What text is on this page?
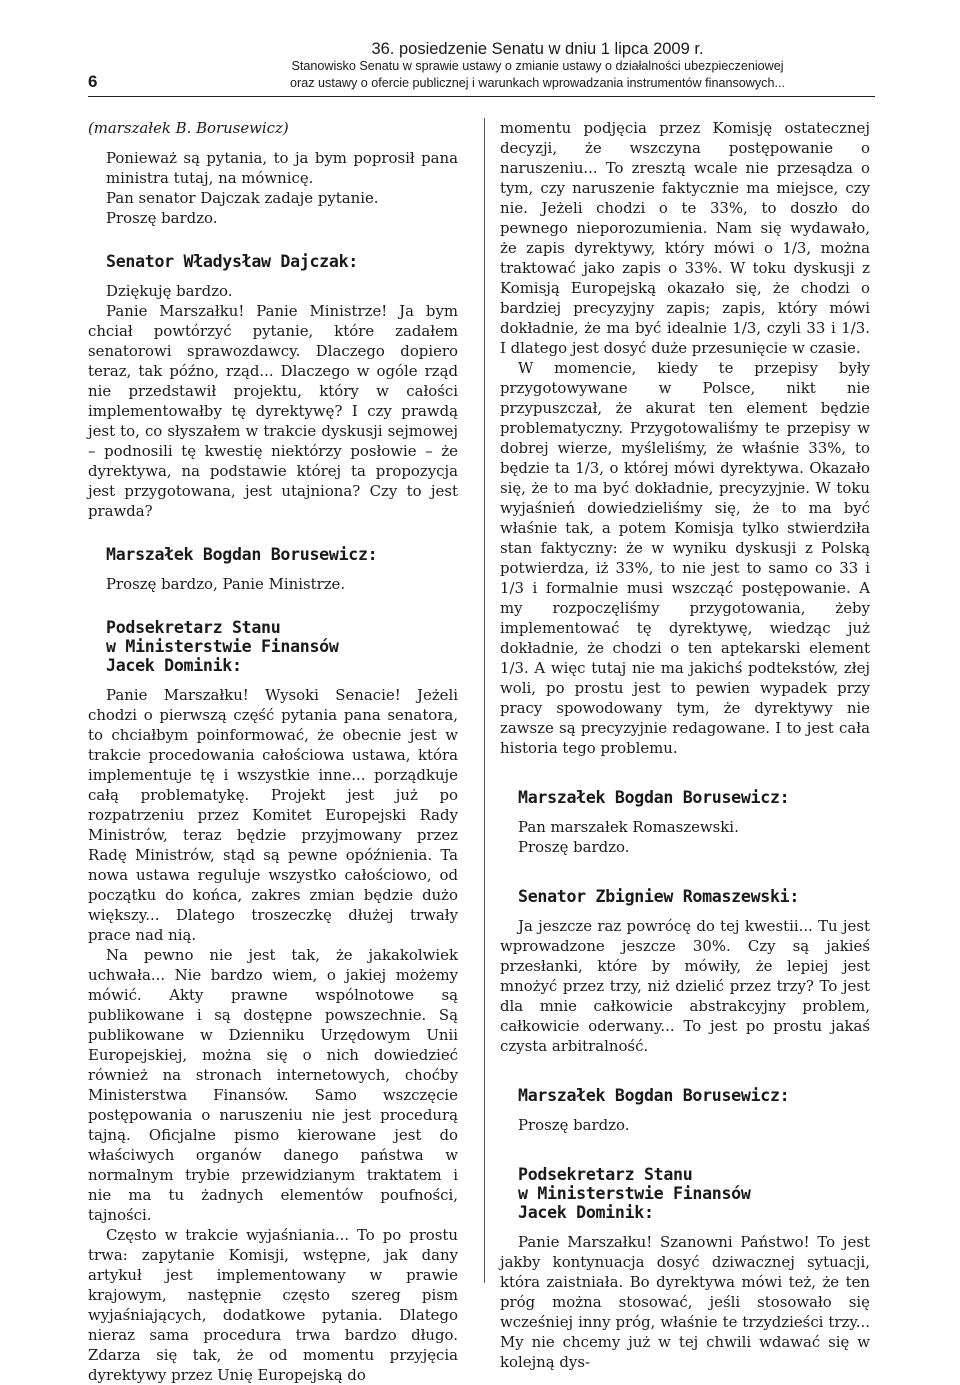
6
36. posiedzenie Senatu w dniu 1 lipca 2009 r.
Stanowisko Senatu w sprawie ustawy o zmianie ustawy o działalności ubezpieczeniowej
oraz ustawy o ofercie publicznej i warunkach wprowadzania instrumentów finansowych...

(marszałek B. Borusewicz)

Ponieważ są pytania, to ja bym poprosił pana ministra tutaj, na mównicę.

Pan senator Dajczak zadaje pytanie.

Proszę bardzo.

Senator Władysław Dajczak:

Dziękuję bardzo.

Panie Marszałku! Panie Ministrze! Ja bym chciał powtórzyć pytanie, które zadałem senatorowi sprawozdawcy. Dlaczego dopiero teraz, tak późno, rząd... Dlaczego w ogóle rząd nie przedstawił projektu, który w całości implementowałby tę dyrektywę? I czy prawdą jest to, co słyszałem w trakcie dyskusji sejmowej – podnosili tę kwestię niektórzy posłowie – że dyrektywa, na podstawie której ta propozycja jest przygotowana, jest utajniona? Czy to jest prawda?

Marszałek Bogdan Borusewicz:

Proszę bardzo, Panie Ministrze.

Podsekretarz Stanu
w Ministerstwie Finansów
Jacek Dominik:

Panie Marszałku! Wysoki Senacie! Jeżeli chodzi o pierwszą część pytania pana senatora, to chciałbym poinformować, że obecnie jest w trakcie procedowania całościowa ustawa, która implementuje tę i wszystkie inne... porządkuje całą problematykę. Projekt jest już po rozpatrzeniu przez Komitet Europejski Rady Ministrów, teraz będzie przyjmowany przez Radę Ministrów, stąd są pewne opóźnienia. Ta nowa ustawa reguluje wszystko całościowo, od początku do końca, zakres zmian będzie dużo większy... Dlatego troszeczkę dłużej trwały prace nad nią.

Na pewno nie jest tak, że jakakolwiek uchwała... Nie bardzo wiem, o jakiej możemy mówić. Akty prawne wspólnotowe są publikowane i są dostępne powszechnie. Są publikowane w Dzienniku Urzędowym Unii Europejskiej, można się o nich dowiedzieć również na stronach internetowych, choćby Ministerstwa Finansów. Samo wszczęcie postępowania o naruszeniu nie jest procedurą tajną. Oficjalne pismo kierowane jest do właściwych organów danego państwa w normalnym trybie przewidzianym traktatem i nie ma tu żadnych elementów poufności, tajności.

Często w trakcie wyjaśniania... To po prostu trwa: zapytanie Komisji, wstępne, jak dany artykuł jest implementowany w prawie krajowym, następnie często szereg pism wyjaśniających, dodatkowe pytania. Dlatego nieraz sama procedura trwa bardzo długo. Zdarza się tak, że od momentu przyjęcia dyrektywy przez Unię Europejską do

momentu podjęcia przez Komisję ostatecznej decyzji, że wszczyna postępowanie o naruszeniu... To zresztą wcale nie przesądza o tym, czy naruszenie faktycznie ma miejsce, czy nie. Jeżeli chodzi o te 33%, to doszło do pewnego nieporozumienia. Nam się wydawało, że zapis dyrektywy, który mówi o 1/3, można traktować jako zapis o 33%. W toku dyskusji z Komisją Europejską okazało się, że chodzi o bardziej precyzyjny zapis; zapis, który mówi dokładnie, że ma być idealnie 1/3, czyli 33 i 1/3. I dlatego jest dosyć duże przesunięcie w czasie.

W momencie, kiedy te przepisy były przygotowywane w Polsce, nikt nie przypuszczał, że akurat ten element będzie problematyczny. Przygotowaliśmy te przepisy w dobrej wierze, myśleliśmy, że właśnie 33%, to będzie ta 1/3, o której mówi dyrektywa. Okazało się, że to ma być dokładnie, precyzyjnie. W toku wyjaśnień dowiedzieliśmy się, że to ma być właśnie tak, a potem Komisja tylko stwierdziła stan faktyczny: że w wyniku dyskusji z Polską potwierdza, iż 33%, to nie jest to samo co 33 i 1/3 i formalnie musi wszcząć postępowanie. A my rozpoczęliśmy przygotowania, żeby implementować tę dyrektywę, wiedząc już dokładnie, że chodzi o ten aptekarski element 1/3. A więc tutaj nie ma jakichś podtekstów, złej woli, po prostu jest to pewien wypadek przy pracy spowodowany tym, że dyrektywy nie zawsze są precyzyjnie redagowane. I to jest cała historia tego problemu.

Marszałek Bogdan Borusewicz:

Pan marszałek Romaszewski.

Proszę bardzo.

Senator Zbigniew Romaszewski:

Ja jeszcze raz powrócę do tej kwestii... Tu jest wprowadzone jeszcze 30%. Czy są jakieś przesłanki, które by mówiły, że lepiej jest mnożyć przez trzy, niż dzielić przez trzy? To jest dla mnie całkowicie abstrakcyjny problem, całkowicie oderwany... To jest po prostu jakaś czysta arbitralność.

Marszałek Bogdan Borusewicz:

Proszę bardzo.

Podsekretarz Stanu
w Ministerstwie Finansów
Jacek Dominik:

Panie Marszałku! Szanowni Państwo! To jest jakby kontynuacja dosyć dziwacznej sytuacji, która zaistniała. Bo dyrektywa mówi też, że ten próg można stosować, jeśli stosowało się wcześniej inny próg, właśnie te trzydzieści trzy... My nie chcemy już w tej chwili wdawać się w kolejną dys-
